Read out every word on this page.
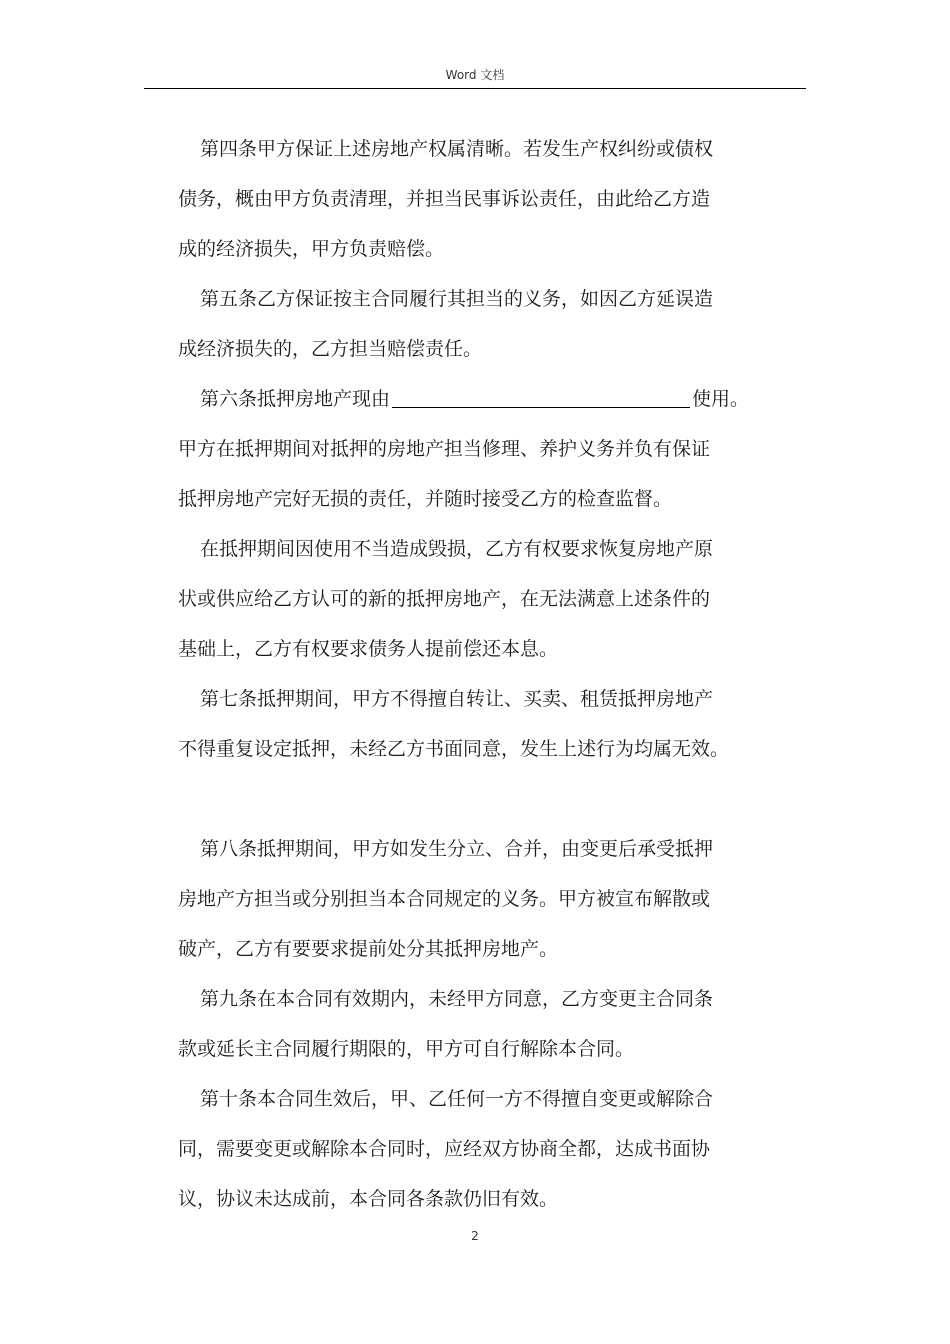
Word 文档
第四条甲方保证上述房地产权属清晰。若发生产权纠纷或债权
债务，概由甲方负责清理，并担当民事诉讼责任，由此给乙方造
成的经济损失，甲方负责赔偿。
第五条乙方保证按主合同履行其担当的义务，如因乙方延误造
成经济损失的，乙方担当赔偿责任。
第六条抵押房地产现由	使用。
甲方在抵押期间对抵押的房地产担当修理、养护义务并负有保证
抵押房地产完好无损的责任，并随时接受乙方的检查监督。
在抵押期间因使用不当造成毁损，乙方有权要求恢复房地产原
状或供应给乙方认可的新的抵押房地产，在无法满意上述条件的
基础上，乙方有权要求债务人提前偿还本息。
第七条抵押期间，甲方不得擅自转让、买卖、租赁抵押房地产
不得重复设定抵押，未经乙方书面同意，发生上述行为均属无效。
第八条抵押期间，甲方如发生分立、合并，由变更后承受抵押
房地产方担当或分别担当本合同规定的义务。甲方被宣布解散或
破产，乙方有要要求提前处分其抵押房地产。
第九条在本合同有效期内，未经甲方同意，乙方变更主合同条
款或延长主合同履行期限的，甲方可自行解除本合同。
第十条本合同生效后，甲、乙任何一方不得擅自变更或解除合
同，需要变更或解除本合同时，应经双方协商全都，达成书面协
议，协议未达成前，本合同各条款仍旧有效。
2
